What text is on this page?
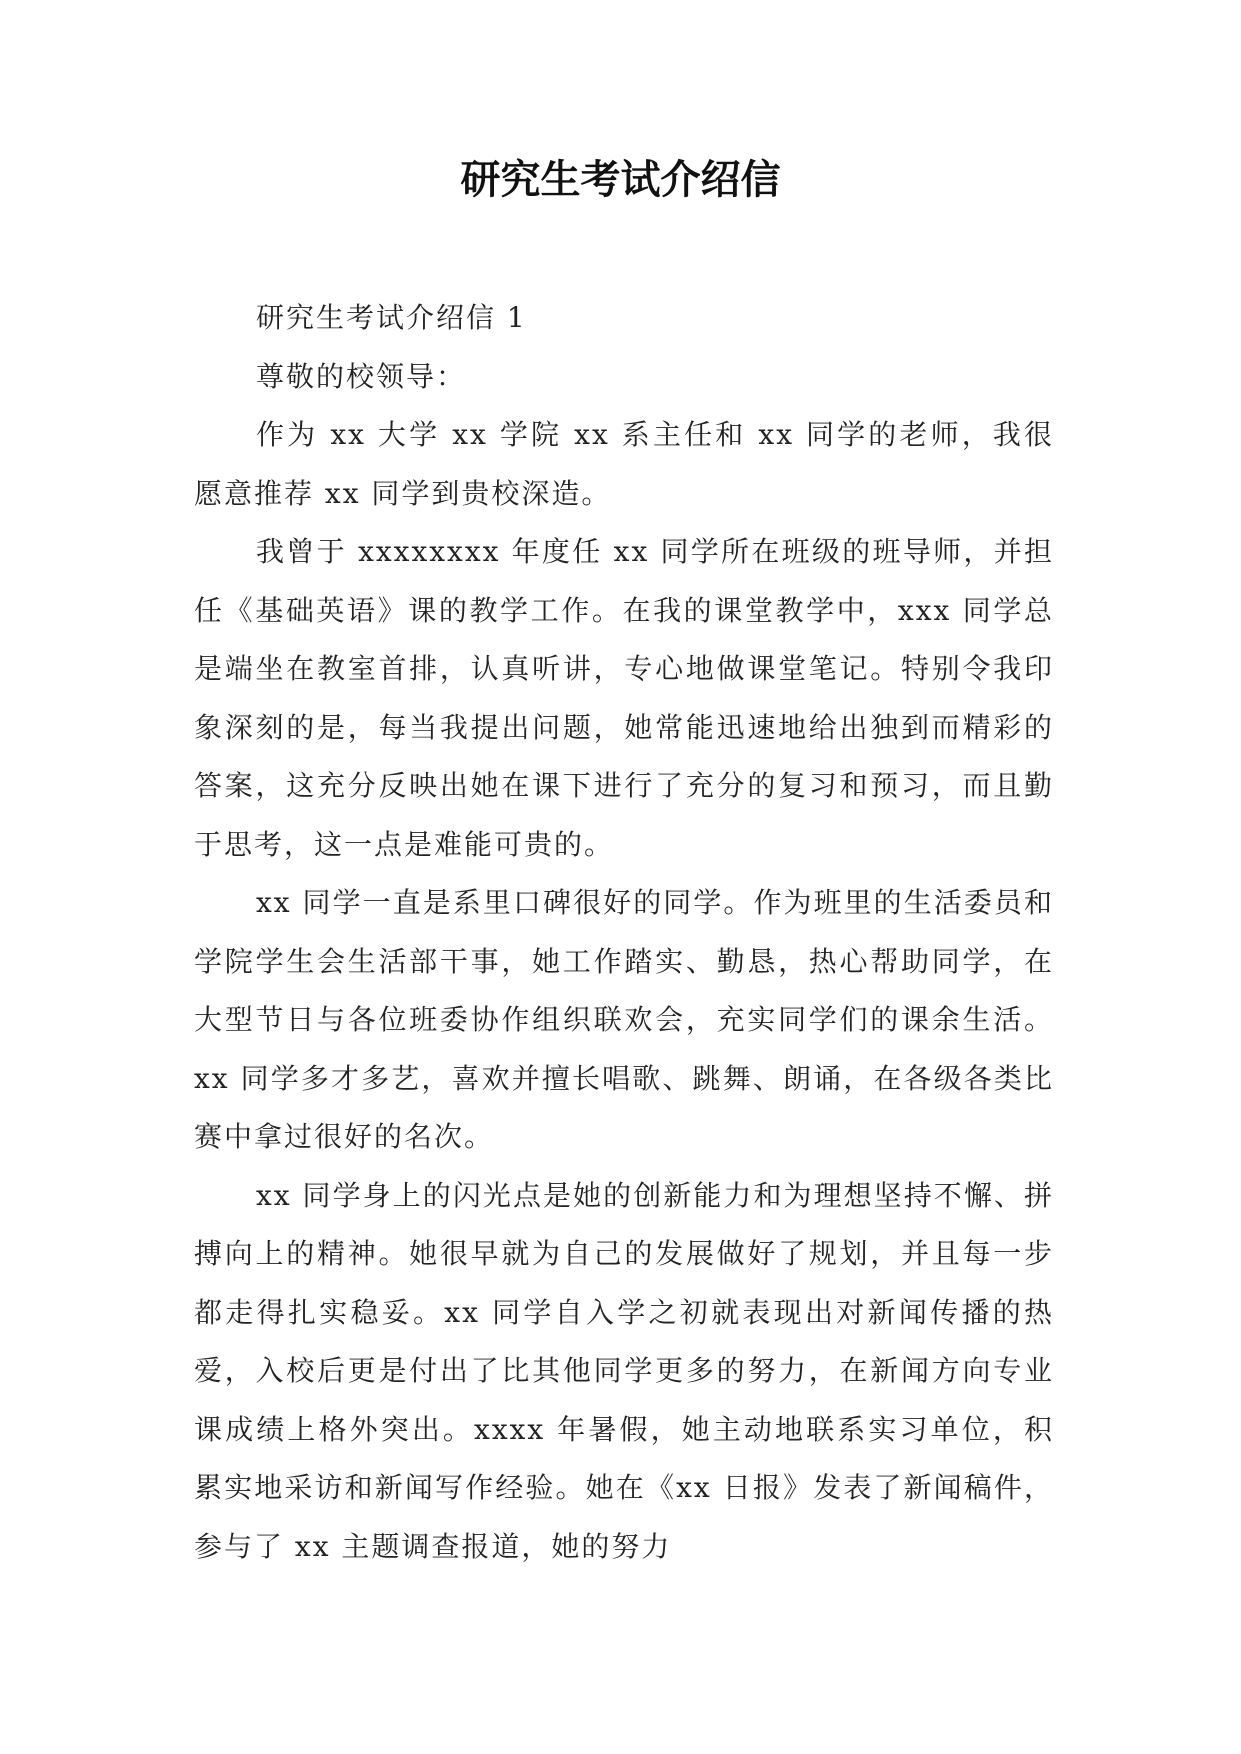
研究生考试介绍信

研究生考试介绍信 1

尊敬的校领导：

作为 xx 大学 xx 学院 xx 系主任和 xx 同学的老师，我很愿意推荐 xx 同学到贵校深造。

我曾于 xxxxxxxx 年度任 xx 同学所在班级的班导师，并担任《基础英语》课的教学工作。在我的课堂教学中，xxx 同学总是端坐在教室首排，认真听讲，专心地做课堂笔记。特别令我印象深刻的是，每当我提出问题，她常能迅速地给出独到而精彩的答案，这充分反映出她在课下进行了充分的复习和预习，而且勤于思考，这一点是难能可贵的。

xx 同学一直是系里口碑很好的同学。作为班里的生活委员和学院学生会生活部干事，她工作踏实、勤恳，热心帮助同学，在大型节日与各位班委协作组织联欢会，充实同学们的课余生活。xx 同学多才多艺，喜欢并擅长唱歌、跳舞、朗诵，在各级各类比赛中拿过很好的名次。

xx 同学身上的闪光点是她的创新能力和为理想坚持不懈、拼搏向上的精神。她很早就为自己的发展做好了规划，并且每一步都走得扎实稳妥。xx 同学自入学之初就表现出对新闻传播的热爱，入校后更是付出了比其他同学更多的努力，在新闻方向专业课成绩上格外突出。xxxx 年暑假，她主动地联系实习单位，积累实地采访和新闻写作经验。她在《xx 日报》发表了新闻稿件，参与了 xx 主题调查报道，她的努力
